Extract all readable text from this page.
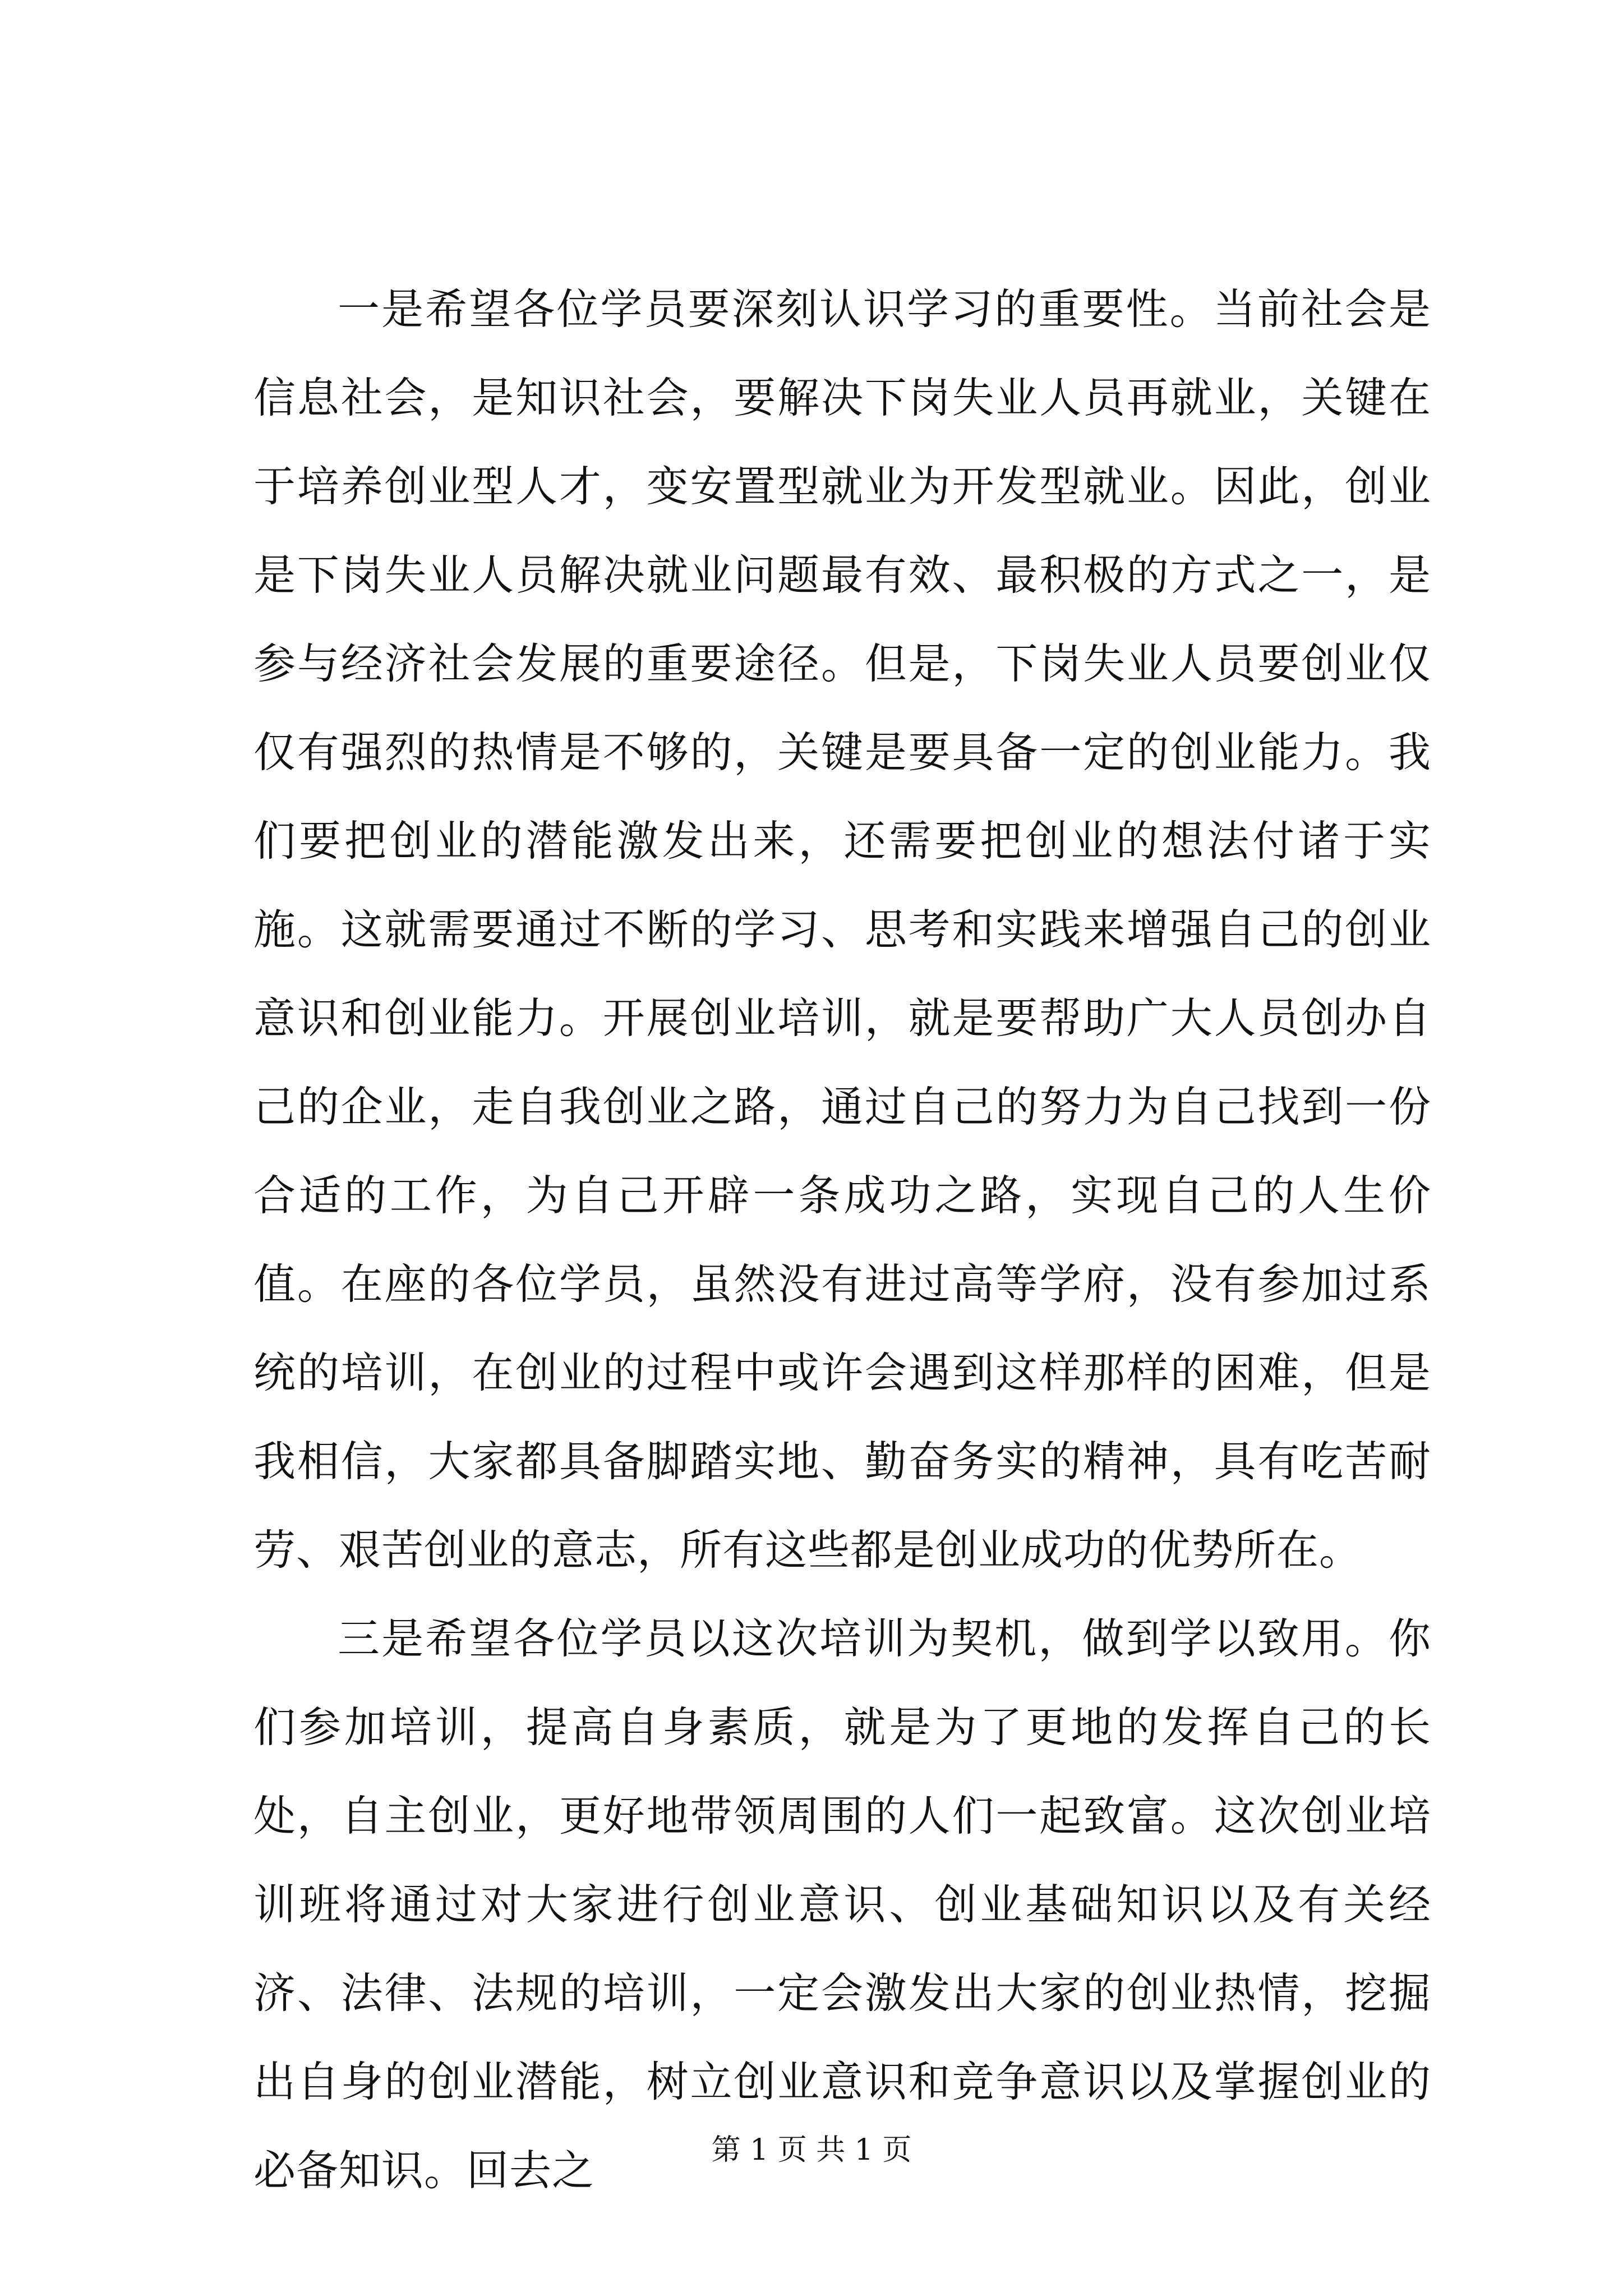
一是希望各位学员要深刻认识学习的重要性。当前社会是信息社会，是知识社会，要解决下岗失业人员再就业，关键在于培养创业型人才，变安置型就业为开发型就业。因此，创业是下岗失业人员解决就业问题最有效、最积极的方式之一，是参与经济社会发展的重要途径。但是，下岗失业人员要创业仅仅有强烈的热情是不够的，关键是要具备一定的创业能力。我们要把创业的潜能激发出来，还需要把创业的想法付诸于实施。这就需要通过不断的学习、思考和实践来增强自己的创业意识和创业能力。开展创业培训，就是要帮助广大人员创办自己的企业，走自我创业之路，通过自己的努力为自己找到一份合适的工作，为自己开辟一条成功之路，实现自己的人生价值。在座的各位学员，虽然没有进过高等学府，没有参加过系统的培训，在创业的过程中或许会遇到这样那样的困难，但是我相信，大家都具备脚踏实地、勤奋务实的精神，具有吃苦耐劳、艰苦创业的意志，所有这些都是创业成功的优势所在。

三是希望各位学员以这次培训为契机，做到学以致用。你们参加培训，提高自身素质，就是为了更地的发挥自己的长处，自主创业，更好地带领周围的人们一起致富。这次创业培训班将通过对大家进行创业意识、创业基础知识以及有关经济、法律、法规的培训，一定会激发出大家的创业热情，挖掘出自身的创业潜能，树立创业意识和竞争意识以及掌握创业的必备知识。回去之	第 1 页 共 1 页
